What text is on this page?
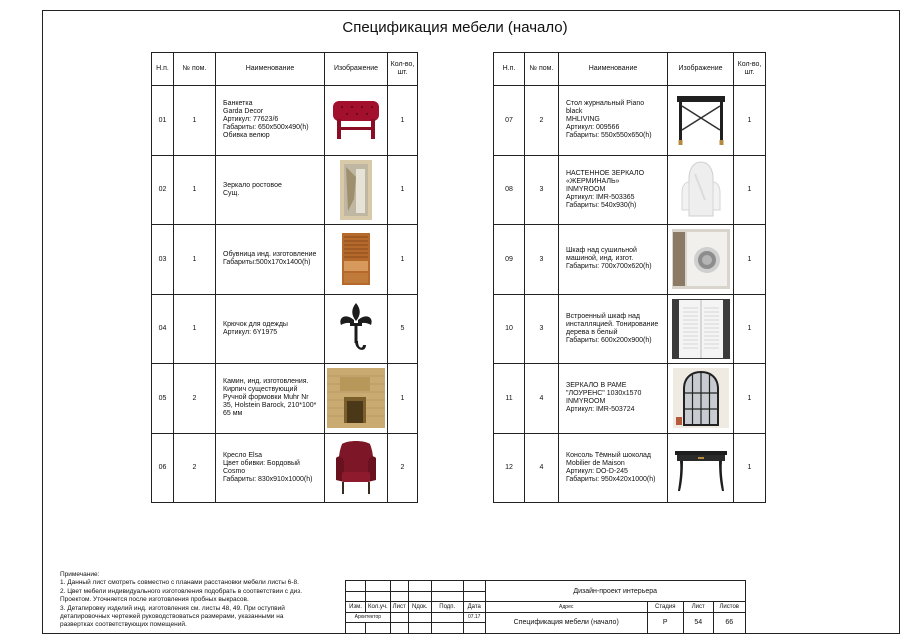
Спецификация мебели (начало)
Н.п.	№ пом.	Наименование	Изображение	Кол-во,
шт.
01	1	Банкетка
Garda Decor
Артикул: 77623/6
Габариты: 650х500х490(h)
Обивка велюр		1
02	1	Зеркало ростовое
Сущ.		1
03	1	Обувница инд. изготовление
Габариты:500х170х1400(h)		1
04	1	Крючок для одежды
Артикул: 6Y1975		5
05	2	Камин, инд. изготовления.
Кирпич существующий
Ручной формовки Muhr Nr
35, Holstein Barock, 210*100*
65 мм		1
06	2	Кресло Elsa
Цвет обивки: Бордовый
Cosmo
Габариты: 830х910х1000(h)		2
Н.п.	№ пом.	Наименование	Изображение	Кол-во,
шт.
07	2	Стол журнальный Piano
black
MHLIVING
Артикул: 009566
Габариты: 550х550х650(h)		1
08	3	НАСТЕННОЕ ЗЕРКАЛО
«ЖЕРМИНАЛЬ»
INMYROOM
Артикул: IMR-503365
Габариты: 540х930(h)		1
09	3	Шкаф над сушильной
машиной, инд. изгот.
Габариты: 700х700х620(h)		1
10	3	Встроенный шкаф над
инсталляцией. Тонирование
дерева в белый
Габариты: 600х200х900(h)		1
11	4	ЗЕРКАЛО В РАМЕ
"ЛОУРЕНС" 1030х1570
INMYROOM
Артикул: IMR-503724		1
12	4	Консоль Тёмный шоколад
Mobilier de Maison
Артикул: DO-D-245
Габариты: 950х420х1000(h)		1
Примечание:
1. Данный лист смотреть совместно с планами расстановки мебели листы 6-8.
2. Цвет мебели индивидуального изготовления подобрать в соответствии с диз.
Проектом. Уточняется после изготовления пробных выкрасов.
3. Детапировку изделий инд. изготовления см. листы 48, 49. При оступвий
детапировочных чертежей руководствоваться размерами, указанными на
развертках соответствующих помещений.
						Дизайн-проект интерьера			

Изм.	Кол.уч.	Лист	Nдок.	Подп.	Дата	Адрес	Стадия	Лист	Листов
Архитектор					07.17	Спецификация мебели (начало)	Р	54	66
